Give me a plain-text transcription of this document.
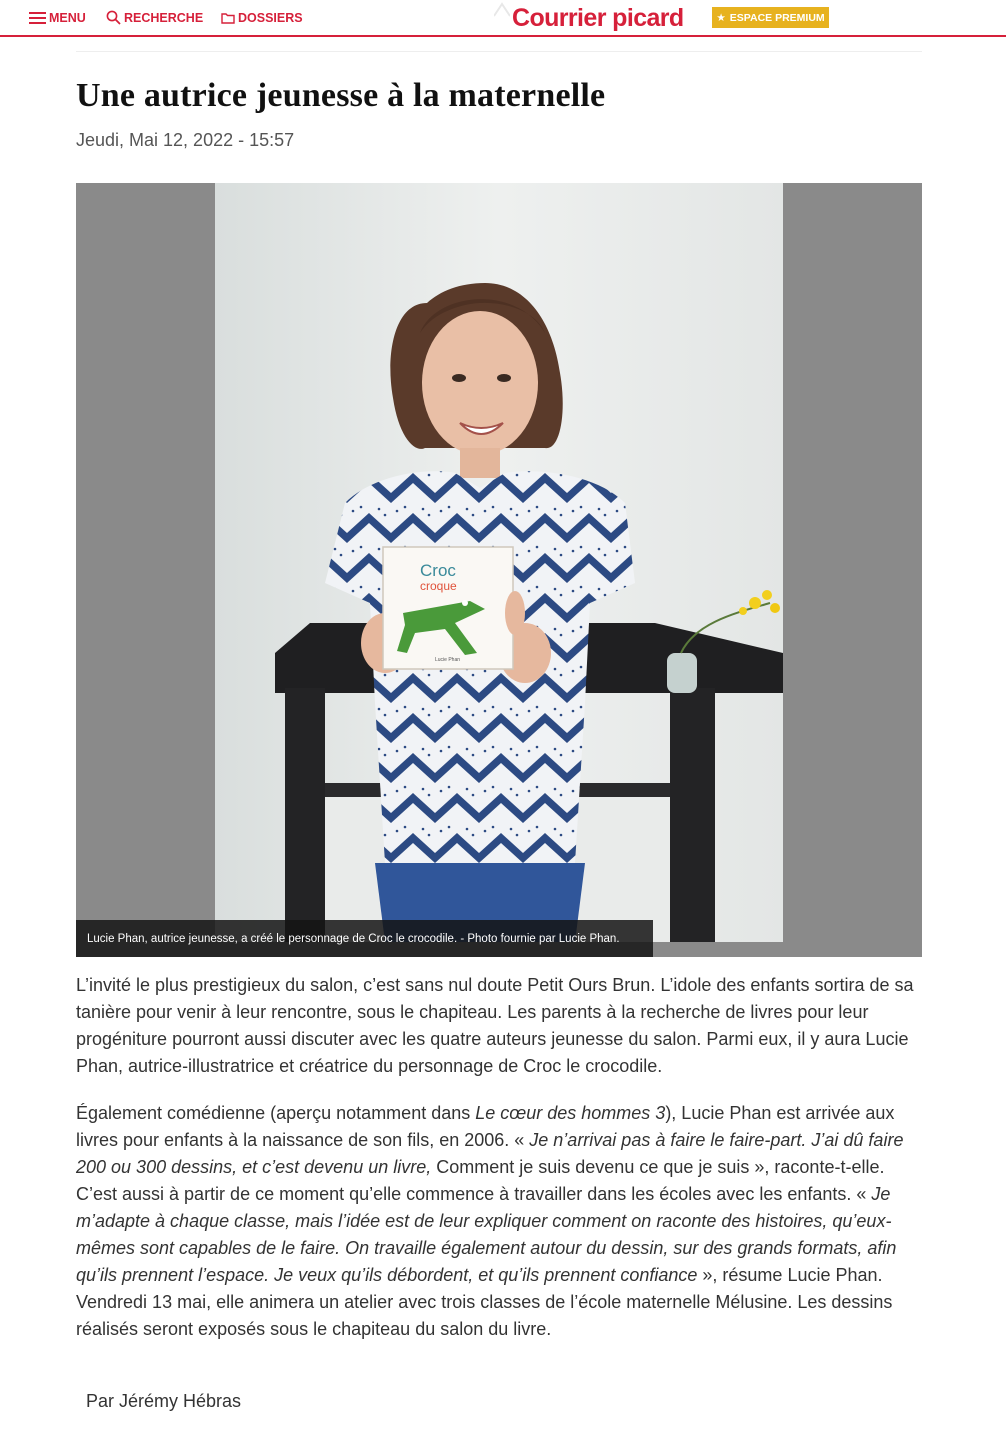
MENU	RECHERCHE	DOSSIERS	Courrier picard	★ ESPACE PREMIUM
Une autrice jeunesse à la maternelle
Jeudi, Mai 12, 2022 - 15:57
Croc
croque
Lucie Phan
Lucie Phan, autrice jeunesse, a créé le personnage de Croc le crocodile. - Photo fournie par Lucie Phan.

L’invité le plus prestigieux du salon, c’est sans nul doute Petit Ours Brun. L’idole des enfants sortira de sa tanière pour venir à leur rencontre, sous le chapiteau. Les parents à la recherche de livres pour leur progéniture pourront aussi discuter avec les quatre auteurs jeunesse du salon. Parmi eux, il y aura Lucie Phan, autrice-illustratrice et créatrice du personnage de Croc le crocodile.

Également comédienne (aperçu notamment dans Le cœur des hommes 3), Lucie Phan est arrivée aux livres pour enfants à la naissance de son fils, en 2006. « Je n’arrivai pas à faire le faire-part. J’ai dû faire 200 ou 300 dessins, et c’est devenu un livre, Comment je suis devenu ce que je suis », raconte-t-elle. C’est aussi à partir de ce moment qu’elle commence à travailler dans les écoles avec les enfants. « Je m’adapte à chaque classe, mais l’idée est de leur expliquer comment on raconte des histoires, qu’eux-mêmes sont capables de le faire. On travaille également autour du dessin, sur des grands formats, afin qu’ils prennent l’espace. Je veux qu’ils débordent, et qu’ils prennent confiance », résume Lucie Phan. Vendredi 13 mai, elle animera un atelier avec trois classes de l’école maternelle Mélusine. Les dessins réalisés seront exposés sous le chapiteau du salon du livre.

Par Jérémy Hébras
